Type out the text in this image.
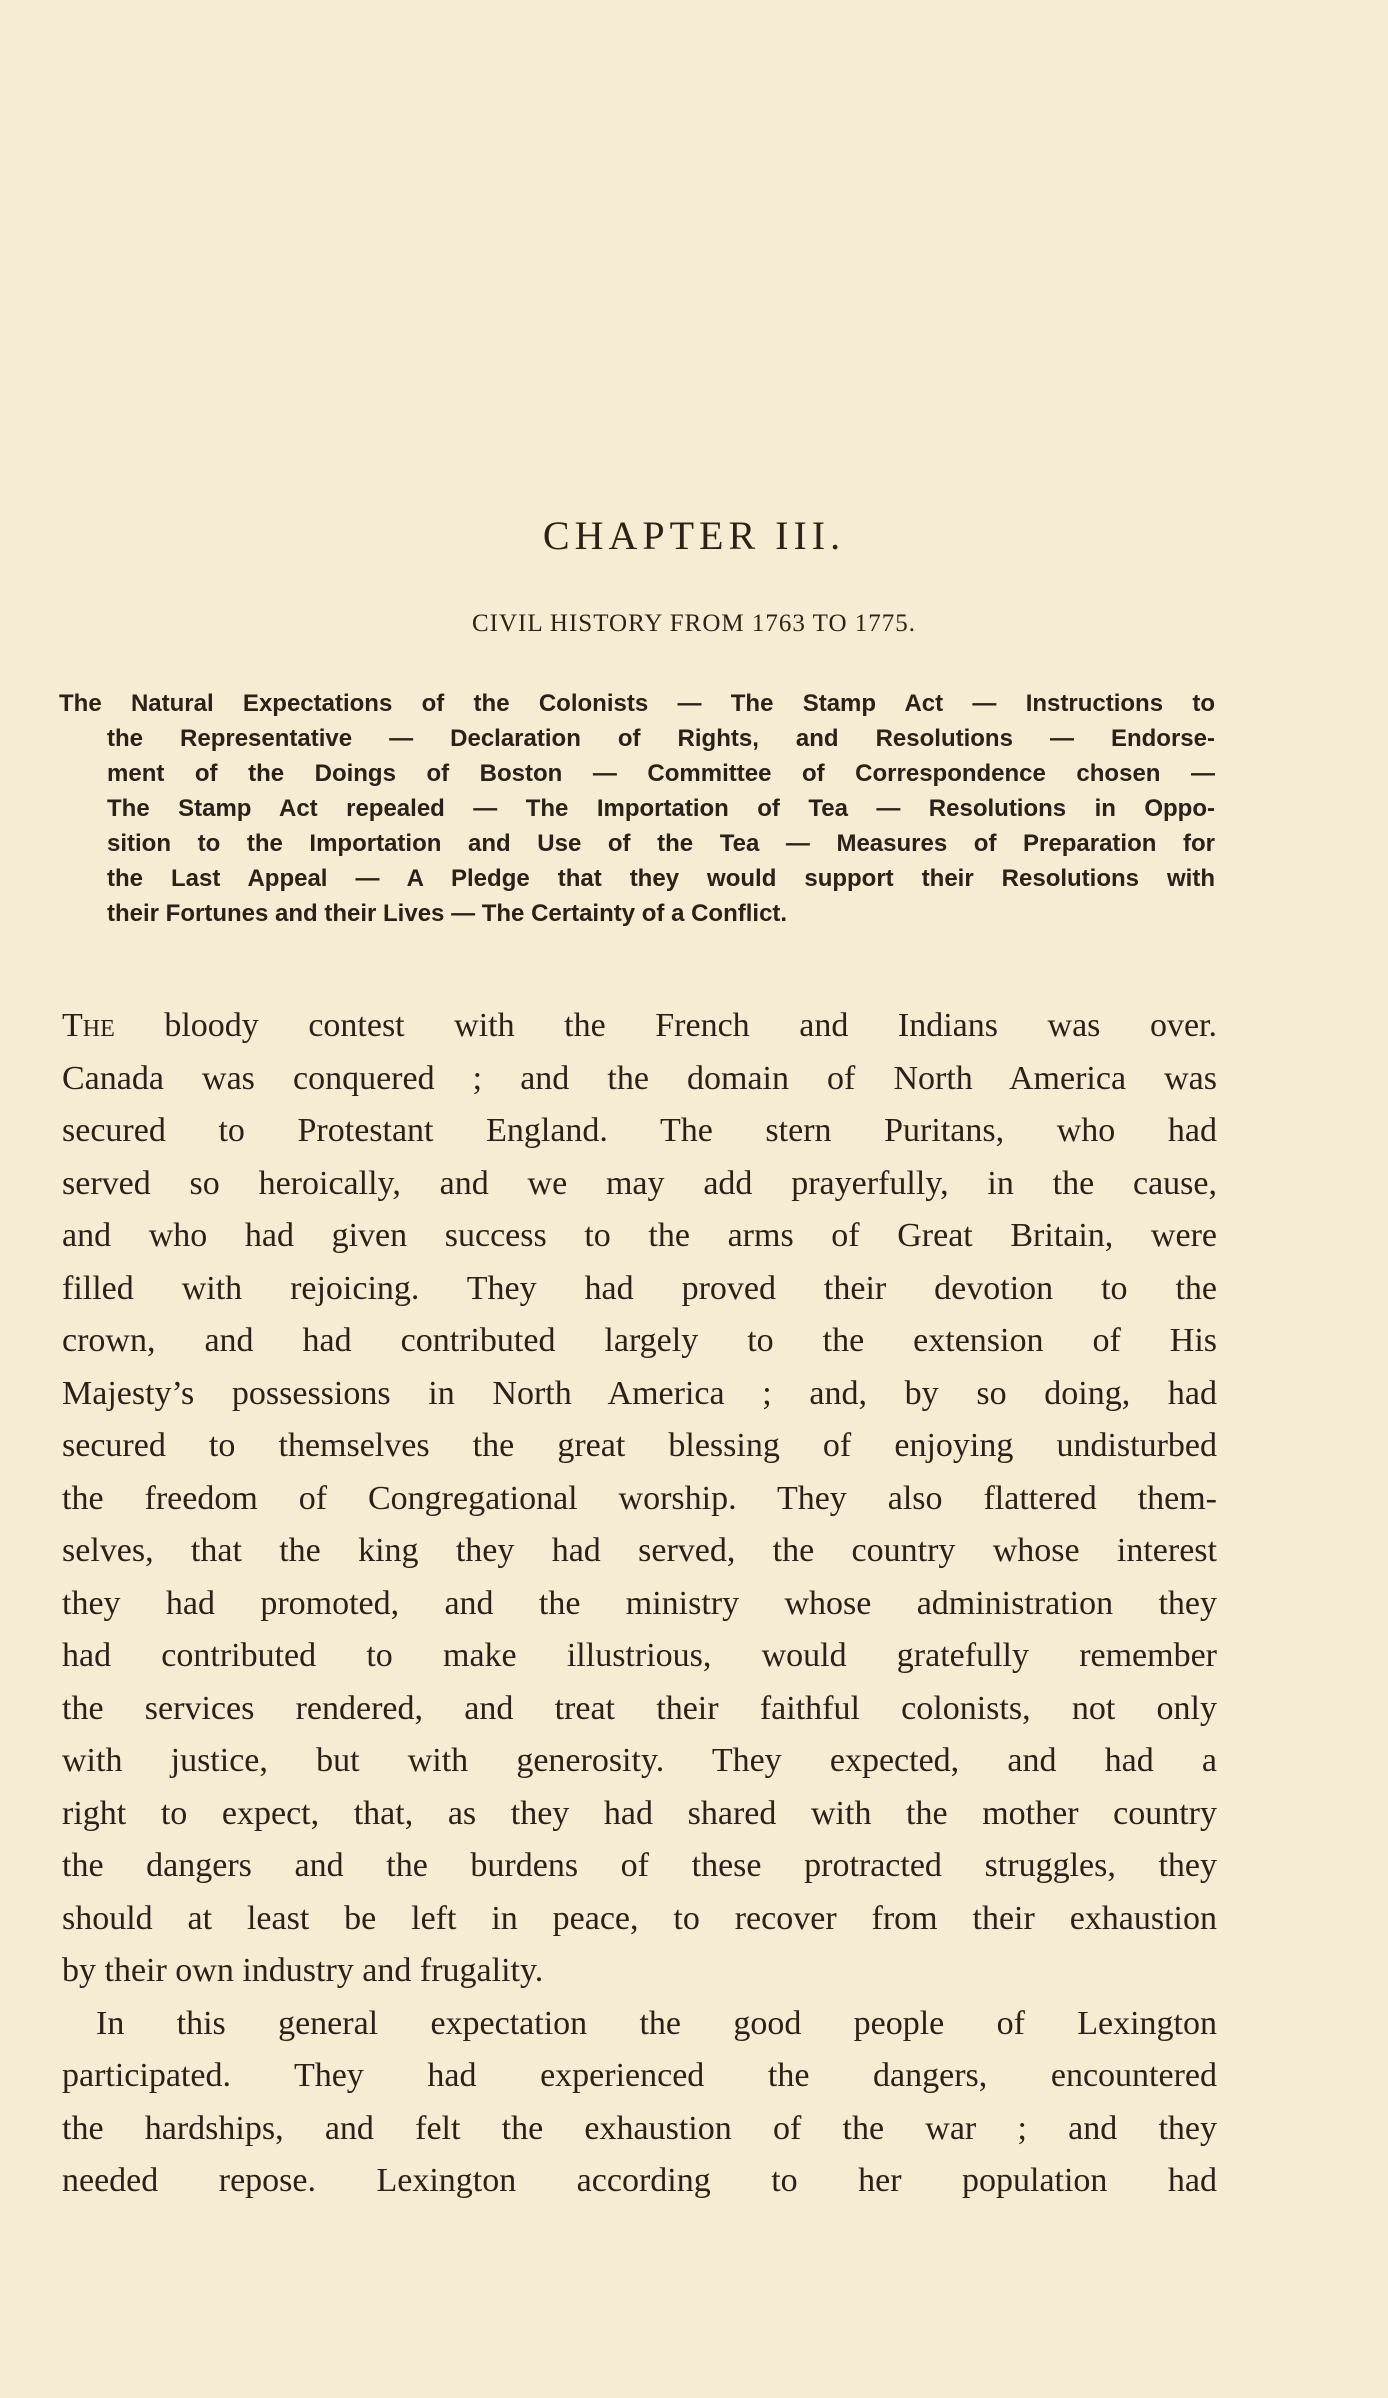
CHAPTER III.
CIVIL HISTORY FROM 1763 TO 1775.
The Natural Expectations of the Colonists — The Stamp Act — Instructions to
the Representative — Declaration of Rights, and Resolutions — Endorse-
ment of the Doings of Boston — Committee of Correspondence chosen —
The Stamp Act repealed — The Importation of Tea — Resolutions in Oppo-
sition to the Importation and Use of the Tea — Measures of Preparation for
the Last Appeal — A Pledge that they would support their Resolutions with
their Fortunes and their Lives — The Certainty of a Conflict.
The bloody contest with the French and Indians was over.
Canada was conquered ; and the domain of North America was
secured to Protestant England. The stern Puritans, who had
served so heroically, and we may add prayerfully, in the cause,
and who had given success to the arms of Great Britain, were
filled with rejoicing. They had proved their devotion to the
crown, and had contributed largely to the extension of His
Majesty’s possessions in North America ; and, by so doing, had
secured to themselves the great blessing of enjoying undisturbed
the freedom of Congregational worship. They also flattered them-
selves, that the king they had served, the country whose interest
they had promoted, and the ministry whose administration they
had contributed to make illustrious, would gratefully remember
the services rendered, and treat their faithful colonists, not only
with justice, but with generosity. They expected, and had a
right to expect, that, as they had shared with the mother country
the dangers and the burdens of these protracted struggles, they
should at least be left in peace, to recover from their exhaustion
by their own industry and frugality.
In this general expectation the good people of Lexington
participated. They had experienced the dangers, encountered
the hardships, and felt the exhaustion of the war ; and they
needed repose. Lexington according to her population had
